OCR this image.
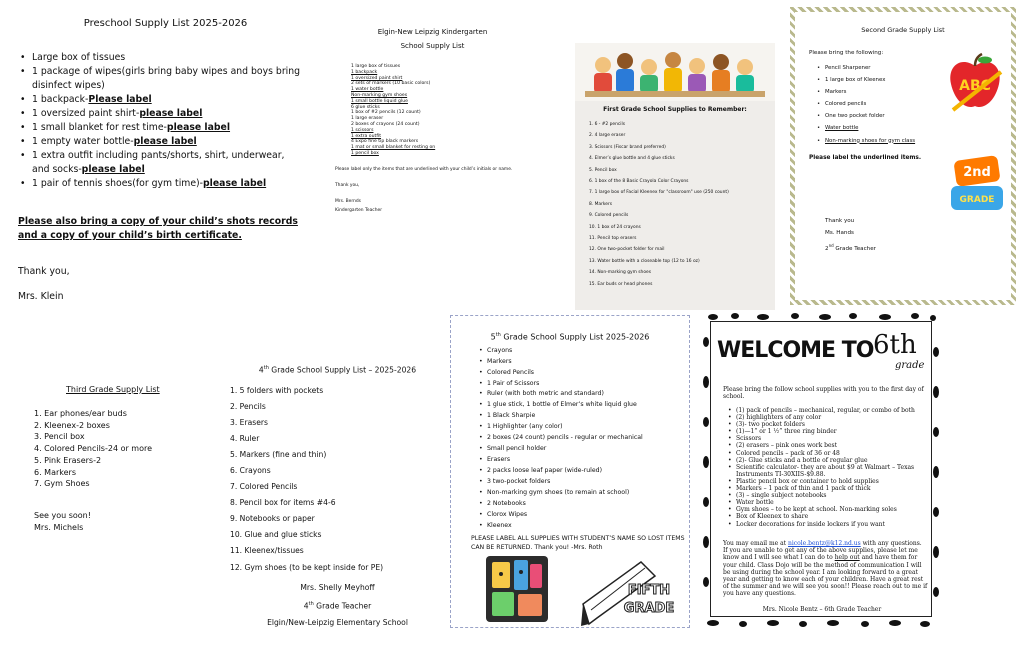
Preschool Supply List 2025-2026
• Large box of tissues
• 1 package of wipes(girls bring baby wipes and boys bring disinfect wipes)
• 1 backpack-Please label
• 1 oversized paint shirt-please label
• 1 small blanket for rest time-please label
• 1 empty water bottle-please label
• 1 extra outfit including pants/shorts, shirt, underwear, and socks-please label
• 1 pair of tennis shoes(for gym time)-please label
Please also bring a copy of your child’s shots records and a copy of your child’s birth certificate.
Thank you,
Mrs. Klein
Elgin-New Leipzig Kindergarten
School Supply List
1 large box of tissues
1 backpack
1 oversized paint shirt
2 sets of markers (10 basic colors)
1 water bottle
Non-marking gym shoes
1 small bottle liquid glue
6 glue sticks
1 box of #2 pencils (12 count)
1 large eraser
2 boxes of crayons (24 count)
1 scissors
1 extra outfit
4 Expo fine tip black markers
1 mat or small blanket for resting on
1 pencil box
Please label only the items that are underlined with your child’s initials or name.
Thank you,
Mrs. Bernds
Kindergarten Teacher
First Grade School Supplies to Remember:
1. 6 - #2 pencils
2. 4 large eraser
3. Scissors (Fiscar brand preferred)
4. Elmer’s glue bottle and 4 glue sticks
5. Pencil box
6. 1 box of the 8 Basic Crayola Color Crayons
7. 1 large box of Facial Kleenex for "classroom" use (250 count)
8. Markers
9. Colored pencils
10. 1 box of 24 crayons
11. Pencil top erasers
12. One two-pocket folder for mail
13. Water bottle with a closeable top (12 to 16 oz)
14. Non-marking gym shoes
15. Ear buds or head phones
Second Grade Supply List
Please bring the following:
• Pencil Sharpener
• 1 large box of Kleenex
• Markers
• Colored pencils
• One two pocket folder
• Water bottle
• Non-marking shoes for gym class
Please label the underlined items.
Thank you
Ms. Hands
2nd Grade Teacher
ABC
2nd
GRADE
Third Grade Supply List
1. Ear phones/ear buds
2. Kleenex-2 boxes
3. Pencil box
4. Colored Pencils-24 or more
5. Pink Erasers-2
6. Markers
7. Gym Shoes
See you soon!
Mrs. Michels
4th Grade School Supply List – 2025-2026
1. 5 folders with pockets
2. Pencils
3. Erasers
4. Ruler
5. Markers (fine and thin)
6. Crayons
7. Colored Pencils
8. Pencil box for items #4-6
9. Notebooks or paper
10. Glue and glue sticks
11. Kleenex/tissues
12. Gym shoes (to be kept inside for PE)
Mrs. Shelly Meyhoff
4th Grade Teacher
Elgin/New-Leipzig Elementary School
5th Grade School Supply List 2025-2026
• Crayons
• Markers
• Colored Pencils
• 1 Pair of Scissors
• Ruler (with both metric and standard)
• 1 glue stick, 1 bottle of Elmer’s white liquid glue
• 1 Black Sharpie
• 1 Highlighter (any color)
• 2 boxes (24 count) pencils - regular or mechanical
• Small pencil holder
• Erasers
• 2 packs loose leaf paper (wide-ruled)
• 3 two-pocket folders
• Non-marking gym shoes (to remain at school)
• 2 Notebooks
• Clorox Wipes
• Kleenex
PLEASE LABEL ALL SUPPLIES WITH STUDENT’S NAME SO LOST ITEMS CAN BE RETURNED. Thank you! -Mrs. Roth
FIFTH
GRADE
WELCOME TO 6th
grade
Please bring the follow school supplies with you to the first day of school.
• (1) pack of pencils – mechanical, regular, or combo of both
• (2) highlighters of any color
• (3)- two pocket folders
• (1)—1” or 1 ½” three ring binder
• Scissors
• (2) erasers – pink ones work best
• Colored pencils – pack of 36 or 48
• (2)- Glue sticks and a bottle of regular glue
• Scientific calculator- they are about $9 at Walmart – Texas Instruments TI-30XIIS-$9.88.
• Plastic pencil box or container to hold supplies
• Markers – 1 pack of thin and 1 pack of thick
• (3) – single subject notebooks
• Water bottle
• Gym shoes – to be kept at school. Non-marking soles
• Box of Kleenex to share
• Locker decorations for inside lockers if you want
You may email me at nicole.bentz@k12.nd.us with any questions. If you are unable to get any of the above supplies, please let me know and I will see what I can do to help out and have them for your child. Class Dojo will be the method of communication I will be using during the school year. I am looking forward to a great year and getting to know each of your children. Have a great rest of the summer and we will see you soon!! Please reach out to me if you have any questions.
Mrs. Nicole Bentz – 6th Grade Teacher
